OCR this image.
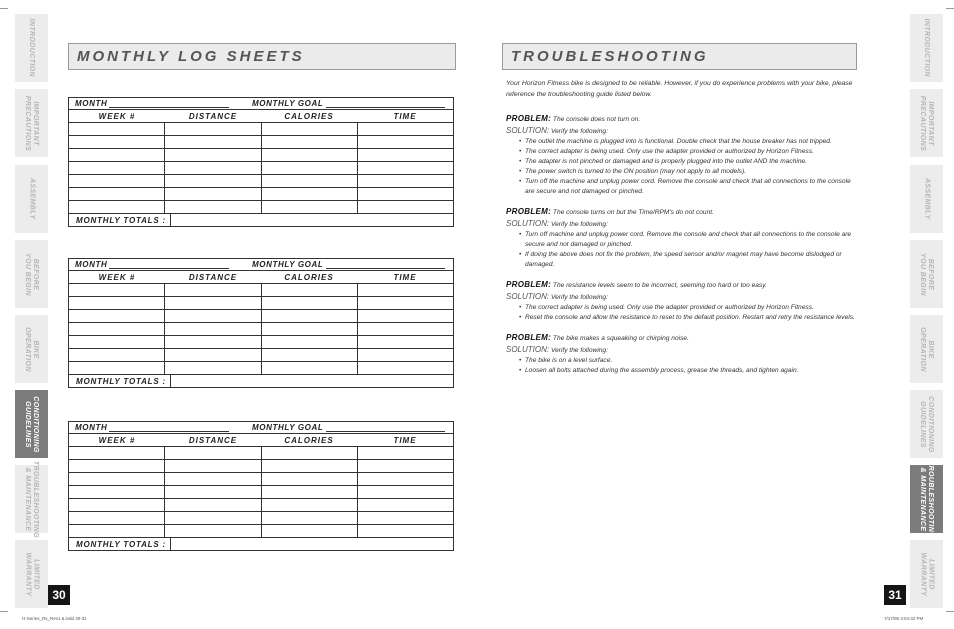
INTRODUCTION
IMPORTANT
PRECAUTIONS
ASSEMBLY
BEFORE
YOU BEGIN
BIKE
OPERATION
CONDITIONING
GUIDELINES
TROUBLESHOOTING
& MAINTENANCE
LIMITED
WARRANTY
INTRODUCTION
IMPORTANT
PRECAUTIONS
ASSEMBLY
BEFORE
YOU BEGIN
BIKE
OPERATION
CONDITIONING
GUIDELINES
TROUBLESHOOTING
& MAINTENANCE
LIMITED
WARRANTY
MONTHLY LOG SHEETS	TROUBLESHOOTING
MONTH	MONTHLY GOAL
WEEK #	DISTANCE	CALORIES	TIME
MONTHLY TOTALS :
MONTH	MONTHLY GOAL
WEEK #	DISTANCE	CALORIES	TIME
MONTHLY TOTALS :
MONTH	MONTHLY GOAL
WEEK #	DISTANCE	CALORIES	TIME
MONTHLY TOTALS :

Your Horizon Fitness bike is designed to be reliable. However, if you do experience problems with your bike, please reference the troubleshooting guide listed below.

PROBLEM: The console does not turn on.

SOLUTION: Verify the following:

• The outlet the machine is plugged into is functional. Double check that the house breaker has not tripped.
• The correct adapter is being used. Only use the adapter provided or authorized by Horizon Fitness.
• The adapter is not pinched or damaged and is properly plugged into the outlet AND the machine.
• The power switch is turned to the ON position (may not apply to all models).
• Turn off the machine and unplug power cord. Remove the console and check that all connections to the console are secure and not damaged or pinched.

PROBLEM: The console turns on but the Time/RPM's do not count.

SOLUTION: Verify the following:

• Turn off machine and unplug power cord. Remove the console and check that all connections to the console are secure and not damaged or pinched.
• If doing the above does not fix the problem, the speed sensor and/or magnet may have become dislodged or damaged.

PROBLEM: The resistance levels seem to be incorrect, seeming too hard or too easy.

SOLUTION: Verify the following:

• The correct adapter is being used. Only use the adapter provided or authorized by Horizon Fitness.
• Reset the console and allow the resistance to reset to the default position. Restart and retry the resistance levels.

PROBLEM: The bike makes a squeaking or chirping noise.

SOLUTION: Verify the following:

• The bike is on a level surface.
• Loosen all bolts attached during the assembly process, grease the threads, and tighten again.
30	31
H-Series_Rx_Rev1.6.indd 30-31	7/17/08 3:04:32 PM
